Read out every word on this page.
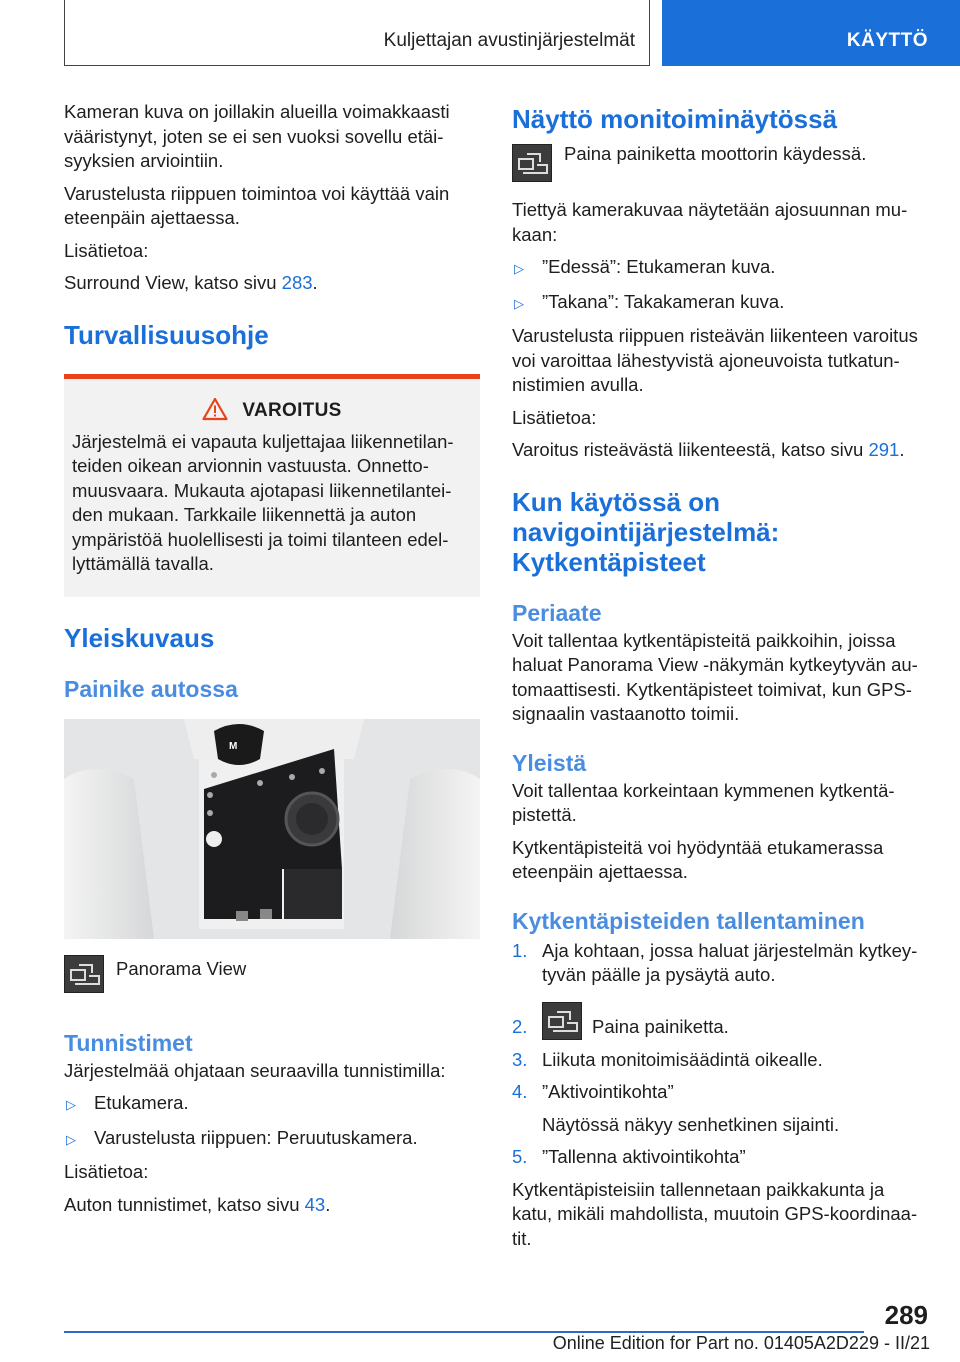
Kuljettajan avustinjärjestelmät	KÄYTTÖ

Kameran kuva on joillakin alueilla voimakkaasti vääristynyt, joten se ei sen vuoksi sovellu etäi-syyksien arviointiin.

Varustelusta riippuen toimintoa voi käyttää vain eteenpäin ajettaessa.

Lisätietoa:

Surround View, katso sivu 283.

Turvallisuusohje
VAROITUS

Järjestelmä ei vapauta kuljettajaa liikennetilan-teiden oikean arvionnin vastuusta. Onnetto-muusvaara. Mukauta ajotapasi liikennetilantei-den mukaan. Tarkkaile liikennettä ja auton ympäristöä huolellisesti ja toimi tilanteen edel-lyttämällä tavalla.

Yleiskuvaus
Painike autossa
M

Panorama View

Tunnistimet

Järjestelmää ohjataan seuraavilla tunnistimilla:

▷ Etukamera.
▷ Varustelusta riippuen: Peruutuskamera.

Lisätietoa:

Auton tunnistimet, katso sivu 43.

Näyttö monitoiminäytössä

Paina painiketta moottorin käydessä.

Tiettyä kamerakuvaa näytetään ajosuunnan mu-kaan:

▷ ”Edessä”: Etukameran kuva.
▷ ”Takana”: Takakameran kuva.

Varustelusta riippuen risteävän liikenteen varoitus voi varoittaa lähestyvistä ajoneuvoista tutkatun-nistimien avulla.

Lisätietoa:

Varoitus risteävästä liikenteestä, katso sivu 291.

Kun käytössä on navigointijärjestelmä: Kytkentäpisteet
Periaate

Voit tallentaa kytkentäpisteitä paikkoihin, joissa haluat Panorama View -näkymän kytkeytyvän au-tomaattisesti. Kytkentäpisteet toimivat, kun GPS-signaalin vastaanotto toimii.

Yleistä

Voit tallentaa korkeintaan kymmenen kytkentä-pistettä.

Kytkentäpisteitä voi hyödyntää etukamerassa eteenpäin ajettaessa.

Kytkentäpisteiden tallentaminen
1. Aja kohtaan, jossa haluat järjestelmän kytkey-tyvän päälle ja pysäytä auto.
2.	Paina painiketta.
3. Liikuta monitoimisäädintä oikealle.
4. ”Aktivointikohta”

Näytössä näkyy senhetkinen sijainti.

5. ”Tallenna aktivointikohta”

Kytkentäpisteisiin tallennetaan paikkakunta ja katu, mikäli mahdollista, muutoin GPS-koordinaa-tit.

289
Online Edition for Part no. 01405A2D229 - II/21
